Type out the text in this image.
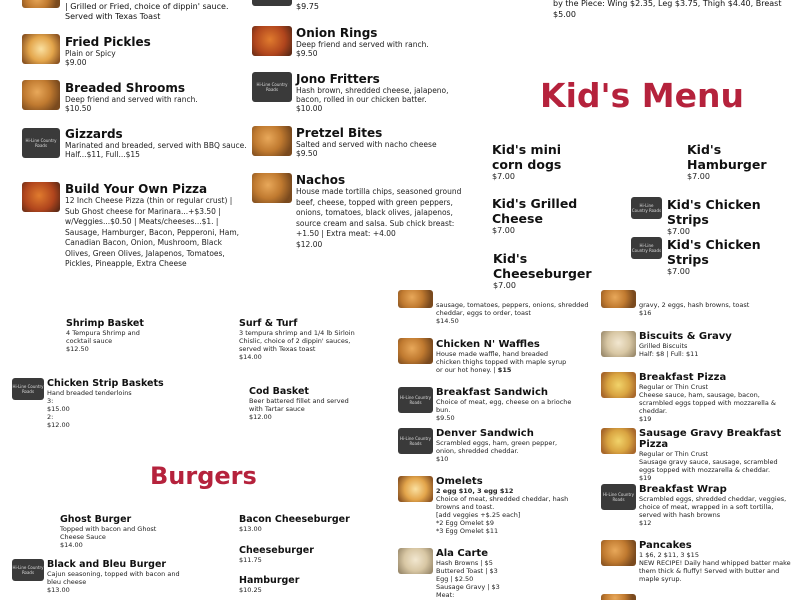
| Grilled or Fried, choice of dippin' sauce. Served with Texas Toast
$9.75	by the Piece: Wing $2.35, Leg $3.75, Thigh $4.40, Breast $5.00
Fried Pickles
Plain or Spicy
$9.00
Breaded Shrooms
Deep friend and served with ranch.
$10.50
Hi-Line Country Roads
Gizzards
Marinated and breaded, served with BBQ sauce. Half...$11, Full...$15
Build Your Own Pizza
12 Inch Cheese Pizza (thin or regular crust) | Sub Ghost cheese for Marinara...+$3.50 | w/Veggies...$0.50 | Meats/cheeses...$1. | Sausage, Hamburger, Bacon, Pepperoni, Ham, Canadian Bacon, Onion, Mushroom, Black Olives, Green Olives, Jalapenos, Tomatoes, Pickles, Pineapple, Extra Cheese
Onion Rings
Deep friend and served with ranch.
$9.50
Hi-Line Country Roads
Jono Fritters
Hash brown, shredded cheese, jalapeno, bacon, rolled in our chicken batter.
$10.00
Pretzel Bites
Salted and served with nacho cheese
$9.50
Nachos
House made tortilla chips, seasoned ground beef, cheese, topped with green peppers, onions, tomatoes, black olives, jalapenos, source cream and salsa. Sub chick breast: +1.50 | Extra meat: +4.00
$12.00
Kid's Menu
Kid's mini corn dogs
$7.00
Kid's Hamburger
$7.00
Kid's Grilled Cheese
$7.00
Hi-Line Country Roads Kid's Chicken Strips
$7.00
Hi-Line Country Roads Kid's Chicken Strips
$7.00
Kid's Cheeseburger
$7.00
Shrimp Basket
4 Tempura Shrimp and cocktail sauce
$12.50
Surf & Turf
3 tempura shrimp and 1/4 lb Sirloin Chislic, choice of 2 dippin' sauces, served with Texas toast
$14.00
Hi-Line Country Roads
Chicken Strip Baskets
Hand breaded tenderloins
3: $15.00 2: $12.00
Cod Basket
Beer battered fillet and served with Tartar sauce
$12.00
Burgers
Ghost Burger
Topped with bacon and Ghost Cheese Sauce
$14.00
Bacon Cheeseburger
$13.00
Cheeseburger
$11.75
Hi-Line Country Roads
Black and Bleu Burger
Cajun seasoning, topped with bacon and bleu cheese
$13.00
Hamburger
$10.25
sausage, tomatoes, peppers, onions, shredded cheddar, eggs to order, toast
$14.50
Chicken N' Waffles
House made waffle, hand breaded chicken thighs topped with maple syrup or our hot honey. | $15
Hi-Line Country Roads
Breakfast Sandwich
Choice of meat, egg, cheese on a brioche bun.
$9.50
Hi-Line Country Roads
Denver Sandwich
Scrambled eggs, ham, green pepper, onion, shredded cheddar.
$10
Omelets
2 egg $10, 3 egg $12
Choice of meat, shredded cheddar, hash browns and toast.
[add veggies +$.25 each]
*2 Egg Omelet $9
*3 Egg Omelet $11
Ala Carte
Hash Browns | $5
Buttered Toast | $3
Egg | $2.50
Sausage Gravy | $3
Meat:
gravy, 2 eggs, hash browns, toast
$16
Biscuits & Gravy
Grilled Biscuits
Half: $8 | Full: $11
Breakfast Pizza
Regular or Thin Crust
Cheese sauce, ham, sausage, bacon, scrambled eggs topped with mozzarella & cheddar.
$19
Sausage Gravy Breakfast Pizza
Regular or Thin Crust
Sausage gravy sauce, sausage, scrambled eggs topped with mozzarella & cheddar.
$19
Hi-Line Country Roads
Breakfast Wrap
Scrambled eggs, shredded cheddar, veggies, choice of meat, wrapped in a soft tortilla, served with hash browns
$12
Pancakes
1 $6, 2 $11, 3 $15
NEW RECIPE! Daily hand whipped batter make them thick & fluffy! Served with butter and maple syrup.
